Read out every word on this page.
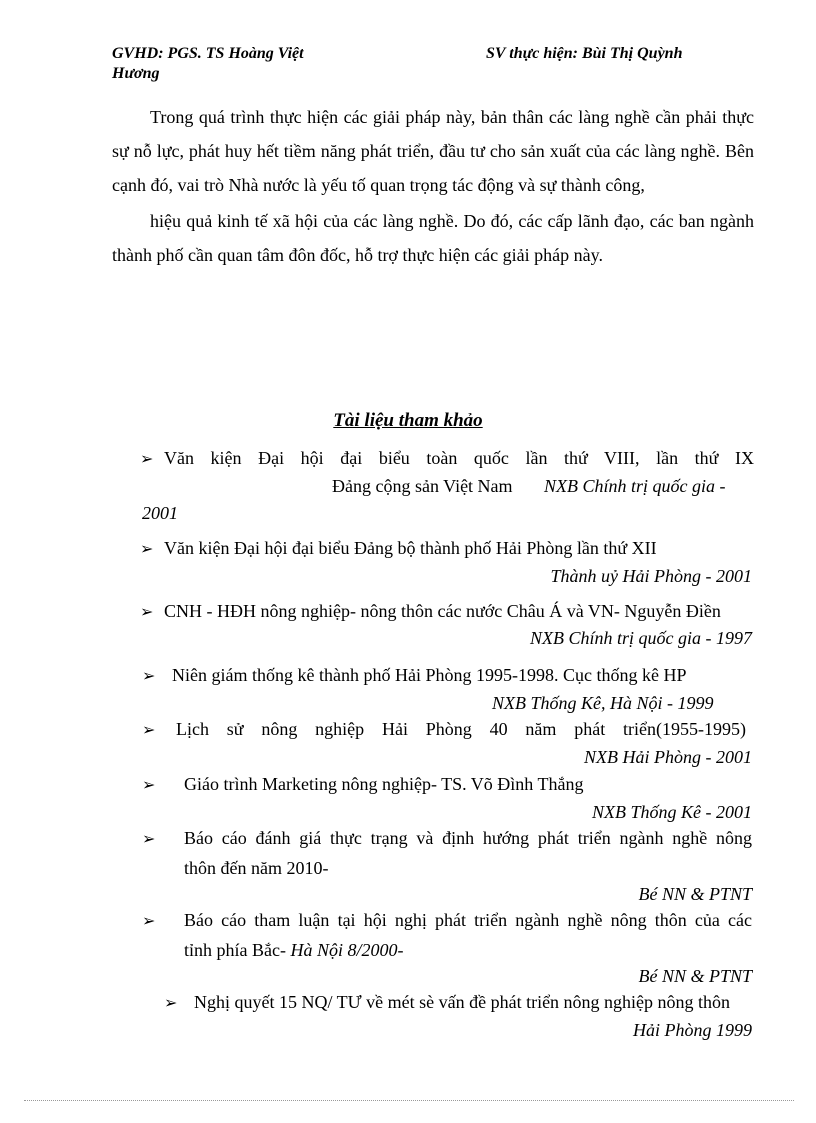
GVHD: PGS. TS Hoàng Việt Hương
SV thực hiện: Bùi Thị Quỳnh
Trong quá trình thực hiện các giải pháp này, bản thân các làng nghề cần phải thực sự nỗ lực, phát huy hết tiềm năng phát triển, đầu tư cho sản xuất của các làng nghề. Bên cạnh đó, vai trò Nhà nước là yếu tố quan trọng tác động và sự thành công,
hiệu quả kinh tế xã hội của các làng nghề. Do đó, các cấp lãnh đạo, các ban ngành thành phố cần quan tâm đôn đốc, hỗ trợ thực hiện các giải pháp này.
Tài liệu tham khảo
➢ Văn kiện Đại hội đại biểu toàn quốc lần thứ VIII, lần thứ IX
Đảng cộng sản Việt Nam NXB Chính trị quốc gia -
2001
➢ Văn kiện Đại hội đại biểu Đảng bộ thành phố Hải Phòng lần thứ XII
Thành uỷ Hải Phòng - 2001
➢ CNH - HĐH nông nghiệp- nông thôn các nước Châu Á và VN- Nguyễn Điền
NXB Chính trị quốc gia - 1997
➢ Niên giám thống kê thành phố Hải Phòng 1995-1998. Cục thống kê HP
NXB Thống Kê, Hà Nội - 1999
➢ Lịch sử nông nghiệp Hải Phòng 40 năm phát triển(1955-1995)
NXB Hải Phòng - 2001
➢ Giáo trình Marketing nông nghiệp- TS. Võ Đình Thắng
NXB Thống Kê - 2001
➢ Báo cáo đánh giá thực trạng và định hướng phát triển ngành nghề nông
thôn đến năm 2010-
Bé NN & PTNT
➢ Báo cáo tham luận tại hội nghị phát triển ngành nghề nông thôn của các
tỉnh phía Bắc- Hà Nội 8/2000-
Bé NN & PTNT
➢ Nghị quyết 15 NQ/ TƯ về mét sè vấn đề phát triển nông nghiệp nông thôn
Hải Phòng 1999
